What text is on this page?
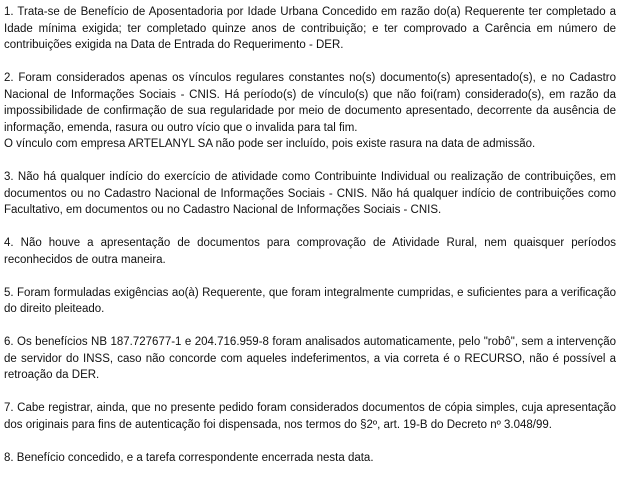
1. Trata-se de Benefício de Aposentadoria por Idade Urbana Concedido em razão do(a) Requerente ter completado a Idade mínima exigida; ter completado quinze anos de contribuição; e ter comprovado a Carência em número de contribuições exigida na Data de Entrada do Requerimento - DER.

2. Foram considerados apenas os vínculos regulares constantes no(s) documento(s) apresentado(s), e no Cadastro Nacional de Informações Sociais - CNIS. Há período(s) de vínculo(s) que não foi(ram) considerado(s), em razão da impossibilidade de confirmação de sua regularidade por meio de documento apresentado, decorrente da ausência de informação, emenda, rasura ou outro vício que o invalida para tal fim.
O vínculo com empresa ARTELANYL SA não pode ser incluído, pois existe rasura na data de admissão.

3. Não há qualquer indício do exercício de atividade como Contribuinte Individual ou realização de contribuições, em documentos ou no Cadastro Nacional de Informações Sociais - CNIS. Não há qualquer indício de contribuições como Facultativo, em documentos ou no Cadastro Nacional de Informações Sociais - CNIS.

4. Não houve a apresentação de documentos para comprovação de Atividade Rural, nem quaisquer períodos reconhecidos de outra maneira.

5. Foram formuladas exigências ao(à) Requerente, que foram integralmente cumpridas, e suficientes para a verificação do direito pleiteado.

6. Os benefícios NB 187.727677-1 e 204.716.959-8 foram analisados automaticamente, pelo "robô", sem a intervenção de servidor do INSS, caso não concorde com aqueles indeferimentos, a via correta é o RECURSO, não é possível a retroação da DER.

7. Cabe registrar, ainda, que no presente pedido foram considerados documentos de cópia simples, cuja apresentação dos originais para fins de autenticação foi dispensada, nos termos do §2º, art. 19-B do Decreto nº 3.048/99.

8. Benefício concedido, e a tarefa correspondente encerrada nesta data.
